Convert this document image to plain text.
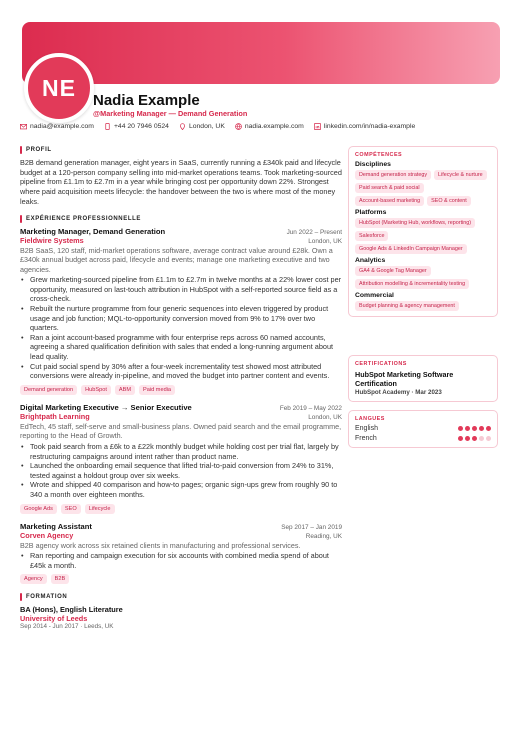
NE Nadia Example
@Marketing Manager — Demand Generation
nadia@example.com	+44 20 7946 0524	London, UK	nadia.example.com	linkedin.com/in/nadia-example
PROFIL
B2B demand generation manager, eight years in SaaS, currently running a £340k paid and lifecycle budget at a 120-person company selling into mid-market operations teams. Took marketing-sourced pipeline from £1.1m to £2.7m in a year while bringing cost per opportunity down 22%. Strongest where paid acquisition meets lifecycle: the handover between the two is where most of the money leaks.
EXPÉRIENCE PROFESSIONNELLE
Marketing Manager, Demand Generation	Jun 2022 – Present
Fieldwire Systems	London, UK
B2B SaaS, 120 staff, mid-market operations software, average contract value around £28k. Own a £340k annual budget across paid, lifecycle and events; manage one marketing executive and two agencies.
• Grew marketing-sourced pipeline from £1.1m to £2.7m in twelve months at a 22% lower cost per opportunity, measured on last-touch attribution in HubSpot with a self-reported source field as a cross-check.
• Rebuilt the nurture programme from four generic sequences into eleven triggered by product usage and job function; MQL-to-opportunity conversion moved from 9% to 17% over two quarters.
• Ran a joint account-based programme with four enterprise reps across 60 named accounts, agreeing a shared qualification definition with sales that ended a long-running argument about lead quality.
• Cut paid social spend by 30% after a four-week incrementality test showed most attributed conversions were already in-pipeline, and moved the budget into partner content and events.
Demand generation	HubSpot	ABM	Paid media
Digital Marketing Executive → Senior Executive	Feb 2019 – May 2022
Brightpath Learning	London, UK
EdTech, 45 staff, self-serve and small-business plans. Owned paid search and the email programme, reporting to the Head of Growth.
• Took paid search from a £6k to a £22k monthly budget while holding cost per trial flat, largely by restructuring campaigns around intent rather than product name.
• Launched the onboarding email sequence that lifted trial-to-paid conversion from 24% to 31%, tested against a holdout group over six weeks.
• Wrote and shipped 40 comparison and how-to pages; organic sign-ups grew from roughly 90 to 340 a month over eighteen months.
Google Ads	SEO	Lifecycle
Marketing Assistant	Sep 2017 – Jan 2019
Corven Agency	Reading, UK
B2B agency work across six retained clients in manufacturing and professional services.
• Ran reporting and campaign execution for six accounts with combined media spend of about £45k a month.
Agency	B2B
FORMATION
BA (Hons), English Literature
University of Leeds
Sep 2014 - Jun 2017 · Leeds, UK
COMPÉTENCES
Disciplines
Demand generation strategy	Lifecycle & nurture
Paid search & paid social
Account-based marketing	SEO & content
Platforms
HubSpot (Marketing Hub, workflows, reporting)
Salesforce
Google Ads & LinkedIn Campaign Manager
Analytics
GA4 & Google Tag Manager
Attribution modelling & incrementality testing
Commercial
Budget planning & agency management
CERTIFICATIONS
HubSpot Marketing Software Certification
HubSpot Academy · Mar 2023
LANGUES
English
French
